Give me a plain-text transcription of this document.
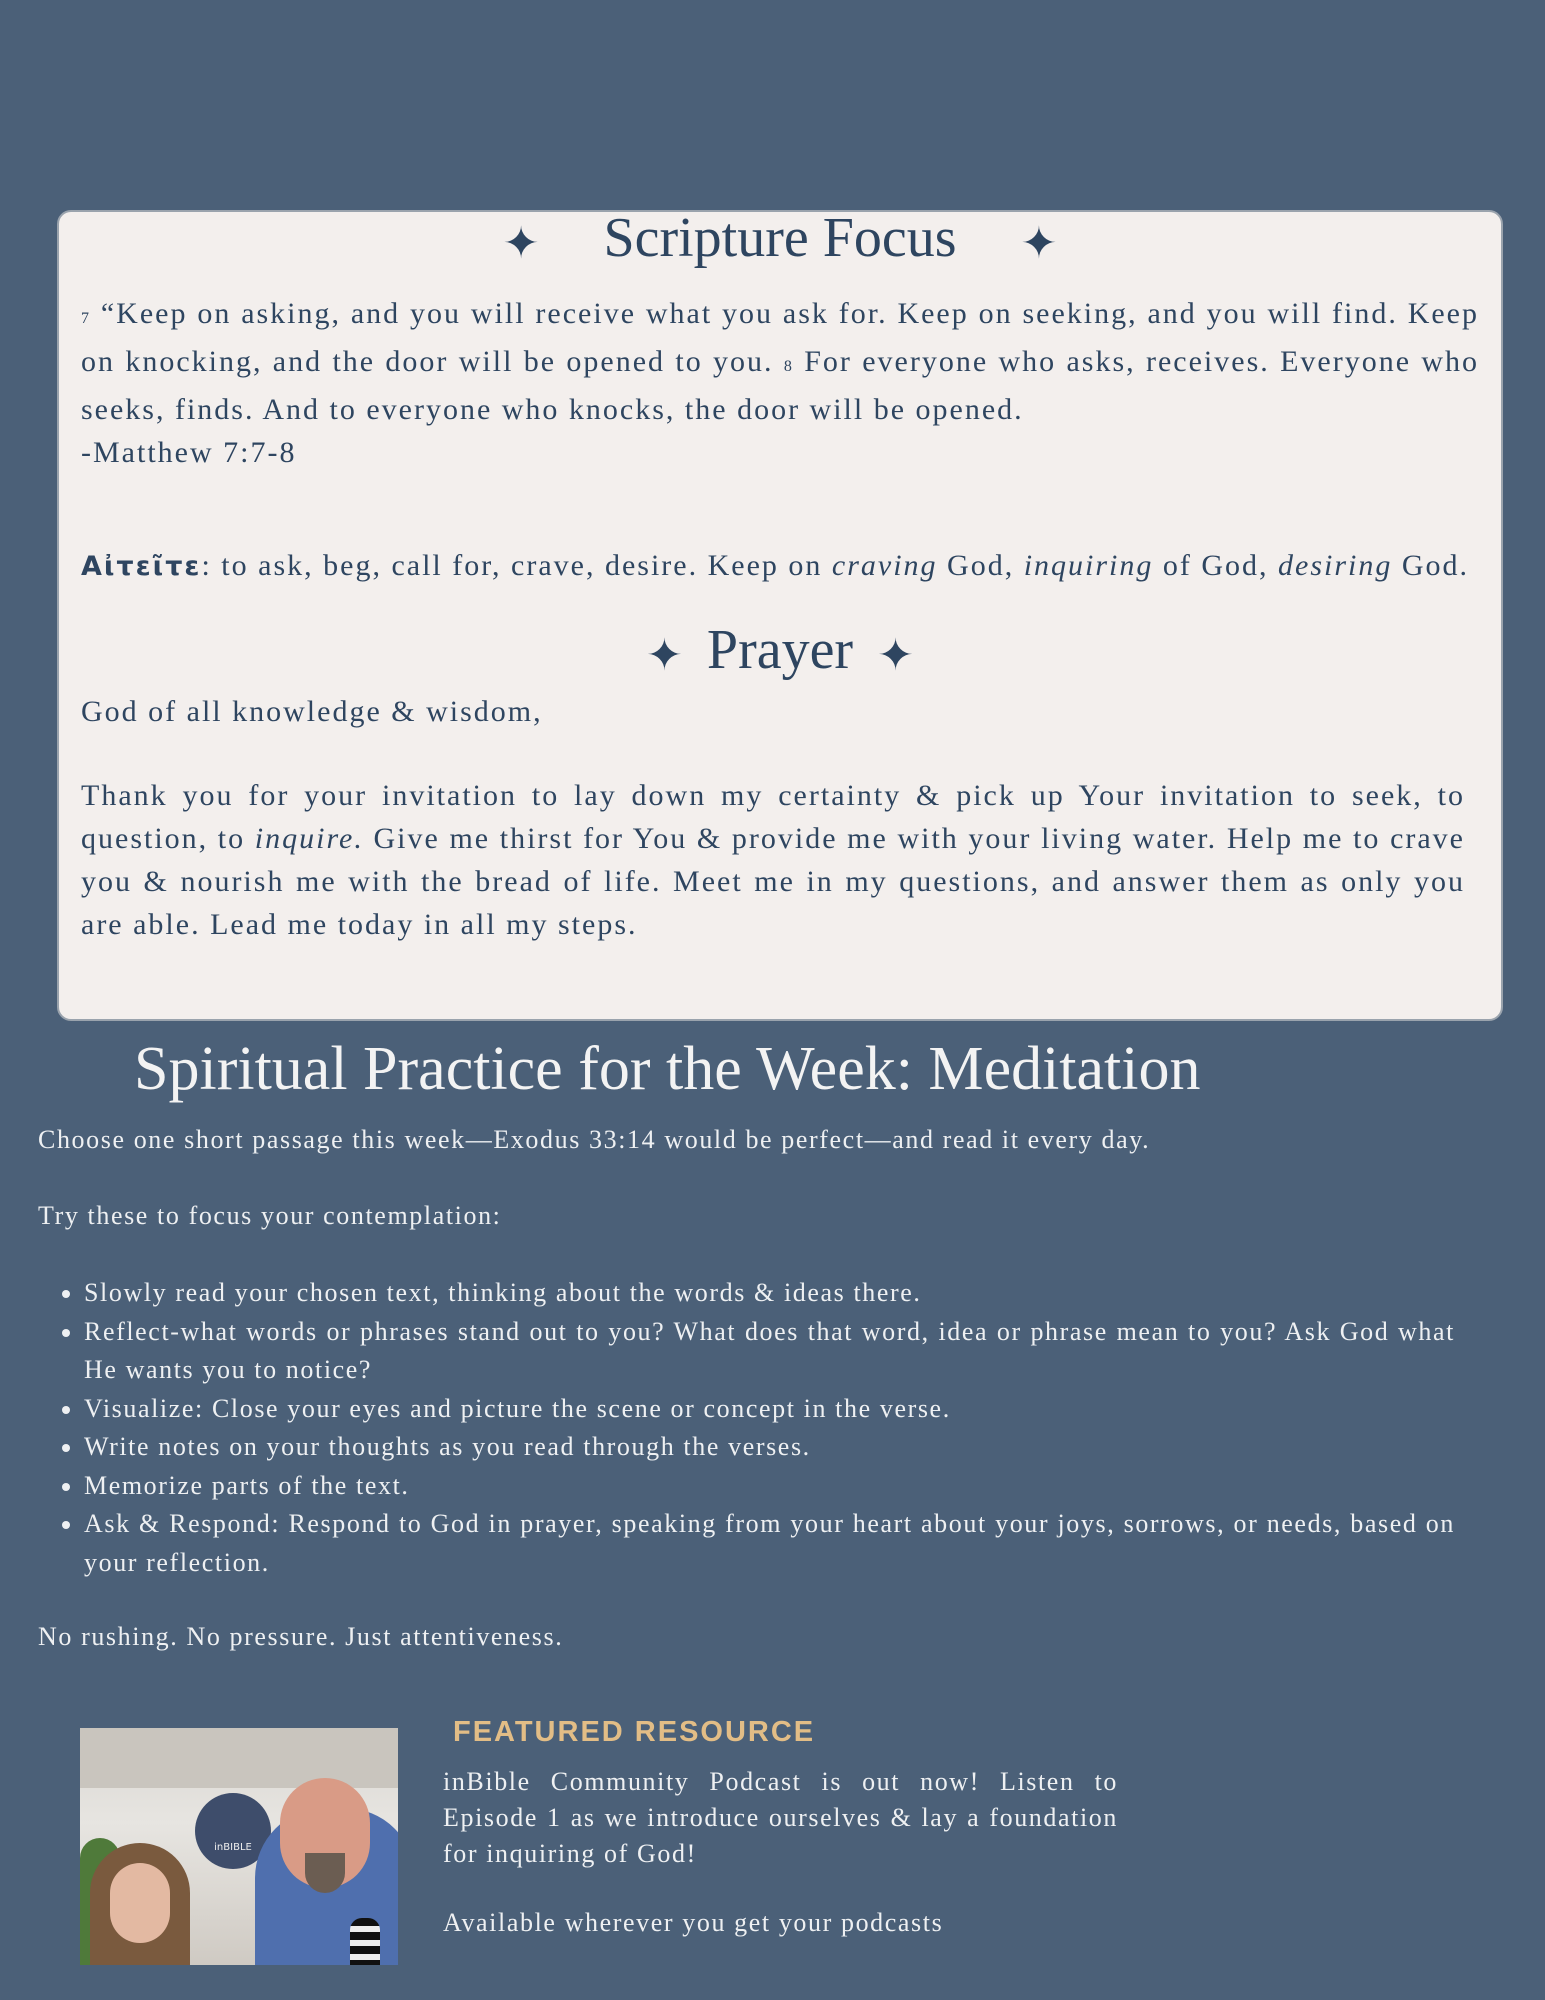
✦ Scripture Focus ✦

7 “Keep on asking, and you will receive what you ask for. Keep on seeking, and you will find. Keep on knocking, and the door will be opened to you. 8 For everyone who asks, receives. Everyone who seeks, finds. And to everyone who knocks, the door will be opened.
-Matthew 7:7-8

Αἰτεῖτε: to ask, beg, call for, crave, desire. Keep on craving God, inquiring of God, desiring God.

✦ Prayer ✦

God of all knowledge & wisdom,

Thank you for your invitation to lay down my certainty & pick up Your invitation to seek, to question, to inquire. Give me thirst for You & provide me with your living water. Help me to crave you & nourish me with the bread of life. Meet me in my questions, and answer them as only you are able. Lead me today in all my steps.

Spiritual Practice for the Week: Meditation

Choose one short passage this week—Exodus 33:14 would be perfect—and read it every day.

Try these to focus your contemplation:

• Slowly read your chosen text, thinking about the words & ideas there.
• Reflect-what words or phrases stand out to you? What does that word, idea or phrase mean to you? Ask God what He wants you to notice?
• Visualize: Close your eyes and picture the scene or concept in the verse.
• Write notes on your thoughts as you read through the verses.
• Memorize parts of the text.
• Ask & Respond: Respond to God in prayer, speaking from your heart about your joys, sorrows, or needs, based on your reflection.

No rushing. No pressure. Just attentiveness.

inBIBLE

FEATURED RESOURCE

inBible Community Podcast is out now! Listen to Episode 1 as we introduce ourselves & lay a foundation for inquiring of God!

Available wherever you get your podcasts
